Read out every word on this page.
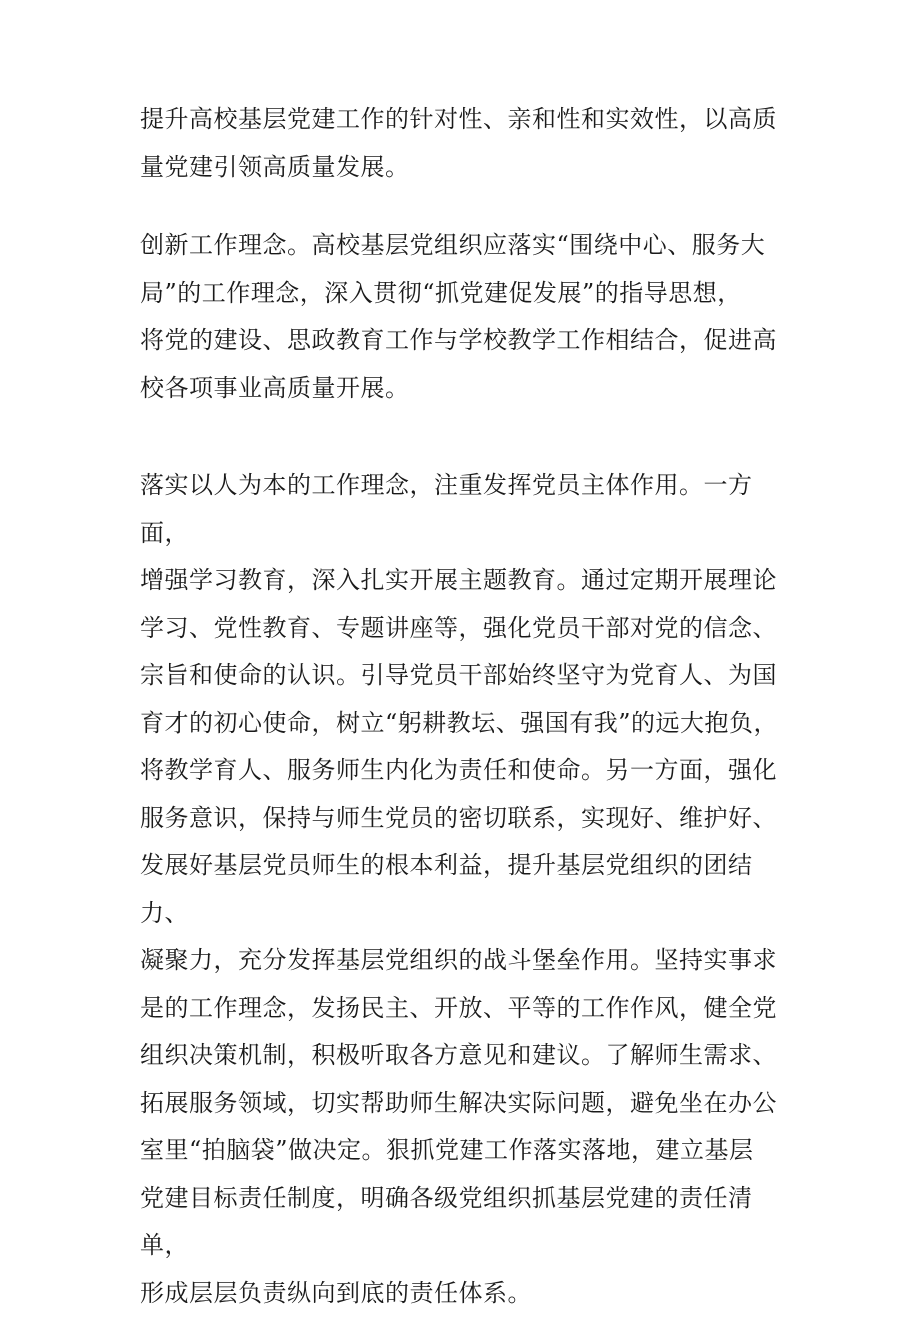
提升高校基层党建工作的针对性、亲和性和实效性，以高质
量党建引领高质量发展。

创新工作理念。高校基层党组织应落实“围绕中心、服务大
局”的工作理念，深入贯彻“抓党建促发展”的指导思想，
将党的建设、思政教育工作与学校教学工作相结合，促进高
校各项事业高质量开展。

落实以人为本的工作理念，注重发挥党员主体作用。一方面，
增强学习教育，深入扎实开展主题教育。通过定期开展理论
学习、党性教育、专题讲座等，强化党员干部对党的信念、
宗旨和使命的认识。引导党员干部始终坚守为党育人、为国
育才的初心使命，树立“躬耕教坛、强国有我”的远大抱负，
将教学育人、服务师生内化为责任和使命。另一方面，强化
服务意识，保持与师生党员的密切联系，实现好、维护好、
发展好基层党员师生的根本利益，提升基层党组织的团结力、
凝聚力，充分发挥基层党组织的战斗堡垒作用。坚持实事求
是的工作理念，发扬民主、开放、平等的工作作风，健全党
组织决策机制，积极听取各方意见和建议。了解师生需求、
拓展服务领域，切实帮助师生解决实际问题，避免坐在办公
室里“拍脑袋”做决定。狠抓党建工作落实落地，建立基层
党建目标责任制度，明确各级党组织抓基层党建的责任清单，
形成层层负责纵向到底的责任体系。
